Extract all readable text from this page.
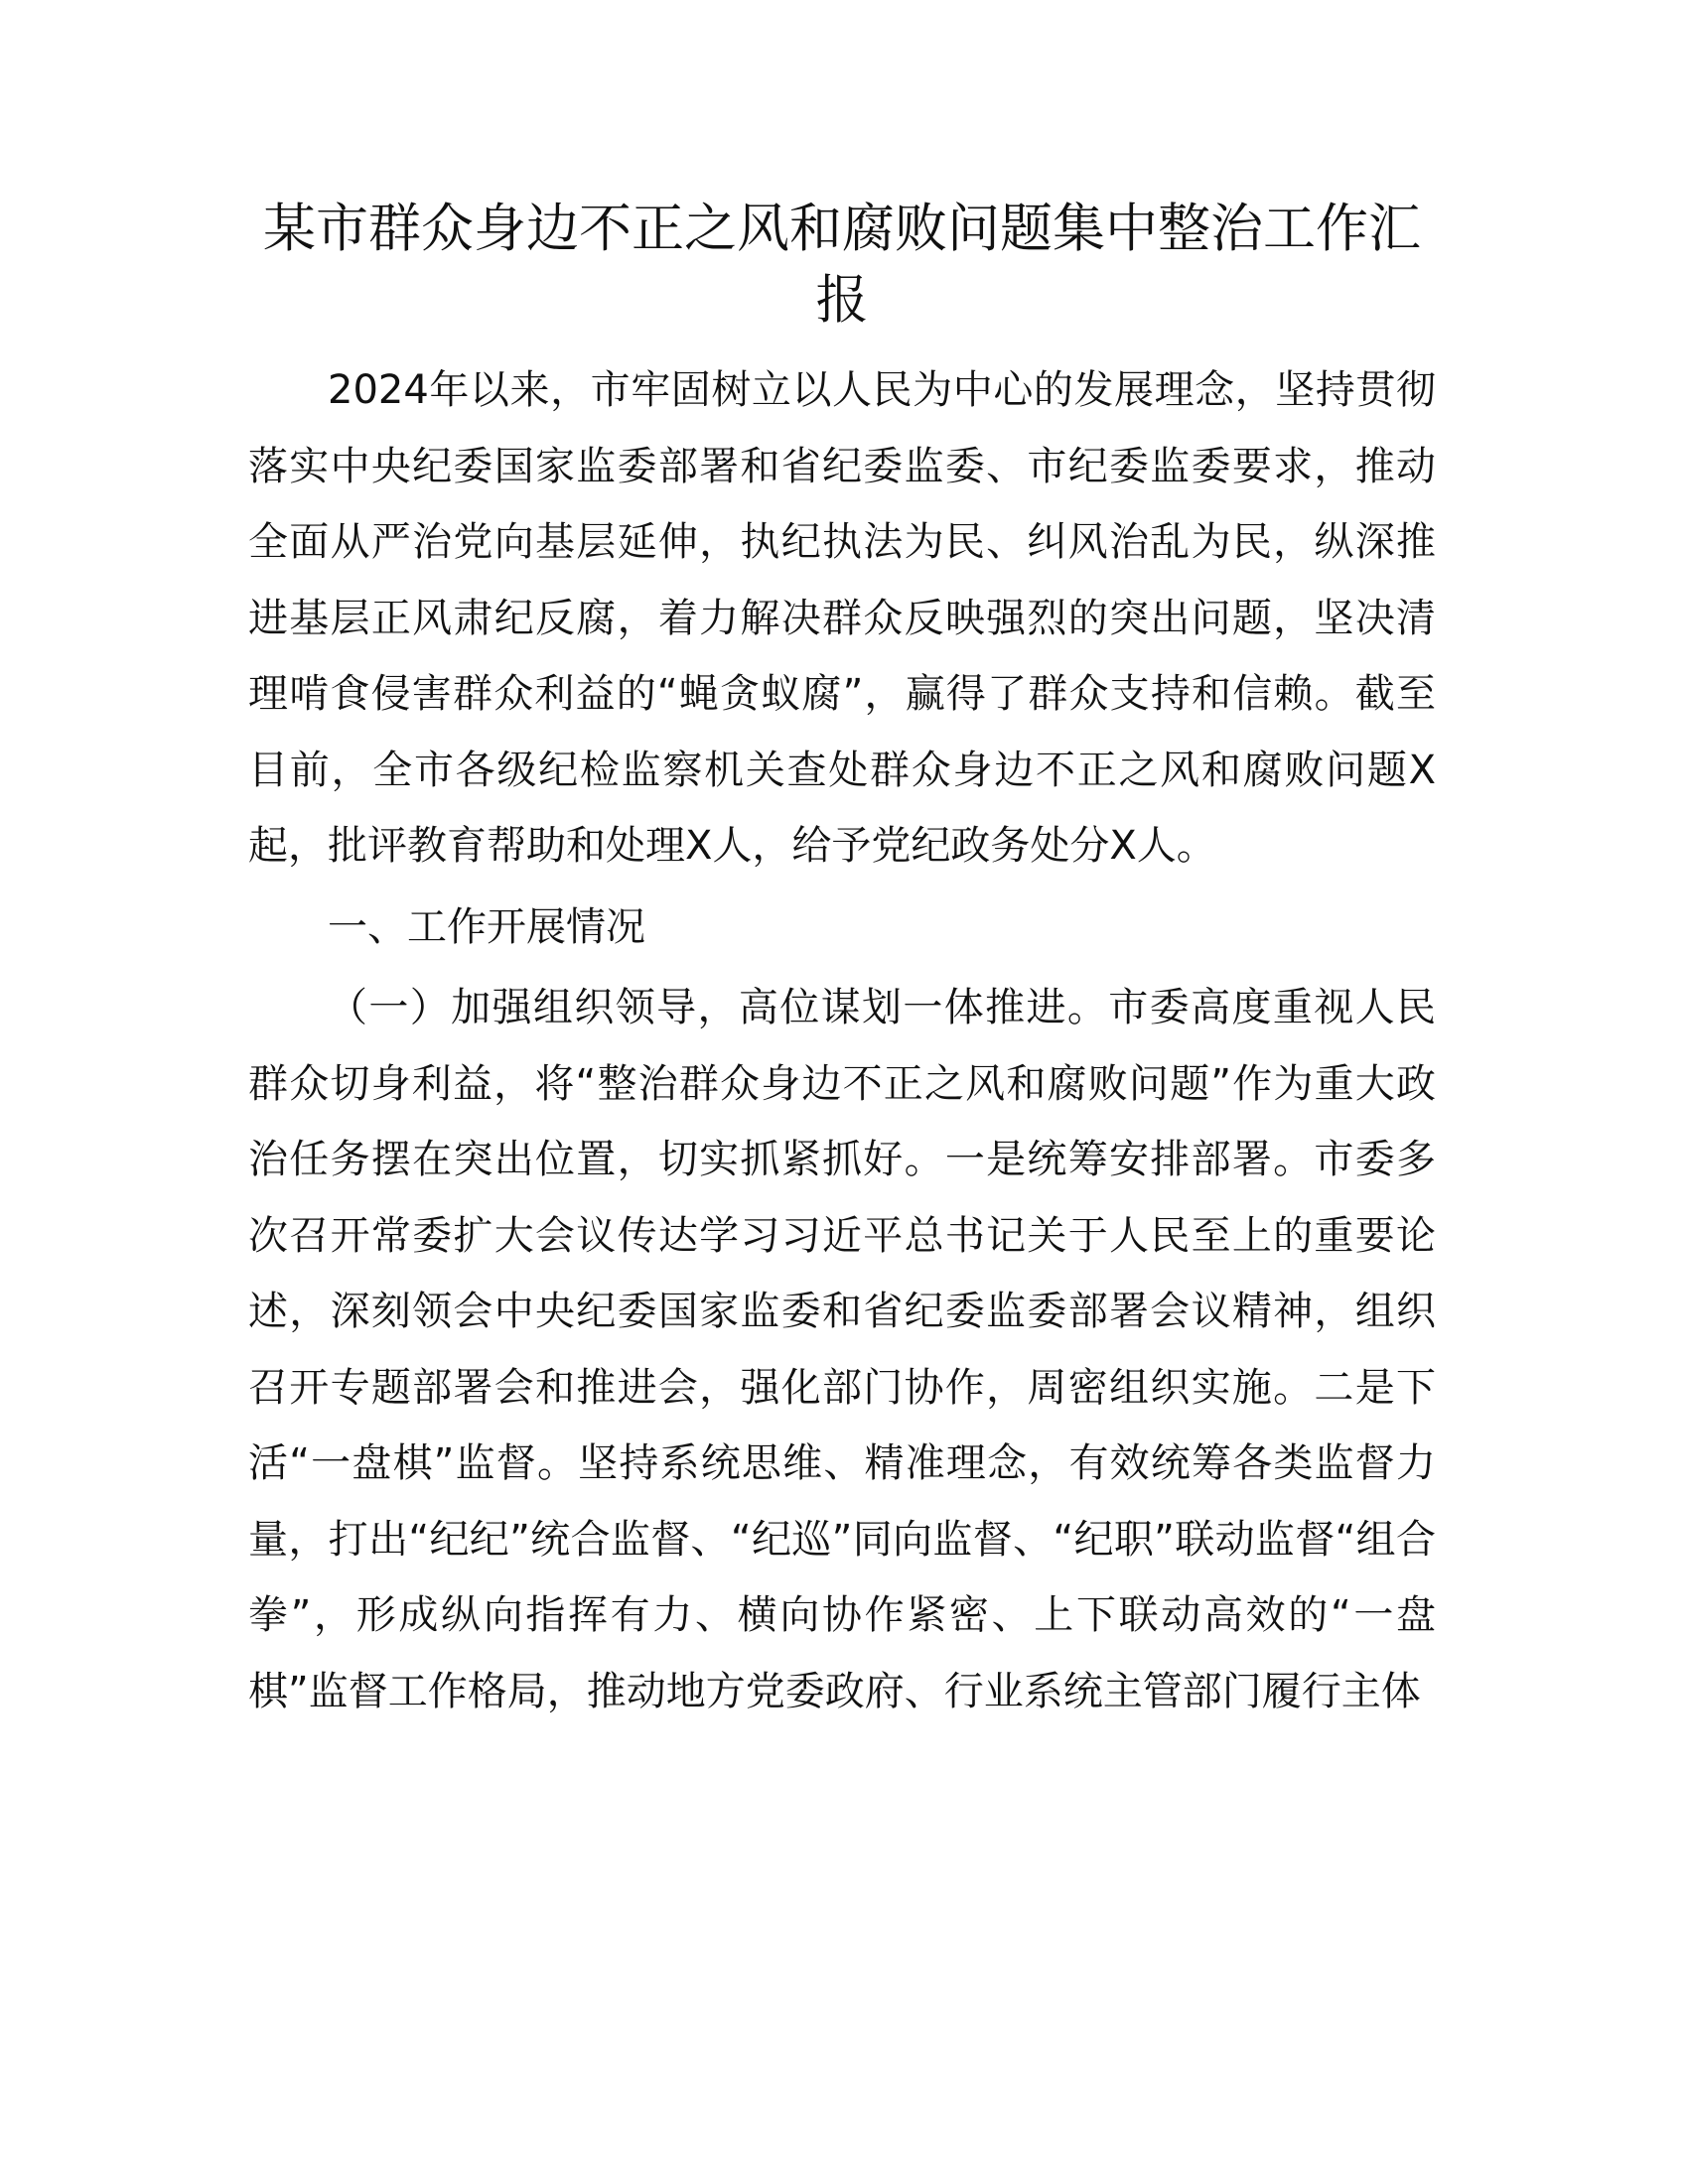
某市群众身边不正之风和腐败问题集中整治工作汇报

2024年以来，市牢固树立以人民为中心的发展理念，坚持贯彻落实中央纪委国家监委部署和省纪委监委、市纪委监委要求，推动全面从严治党向基层延伸，执纪执法为民、纠风治乱为民，纵深推进基层正风肃纪反腐，着力解决群众反映强烈的突出问题，坚决清理啃食侵害群众利益的“蝇贪蚁腐”，赢得了群众支持和信赖。截至目前，全市各级纪检监察机关查处群众身边不正之风和腐败问题X起，批评教育帮助和处理X人，给予党纪政务处分X人。

一、工作开展情况

（一）加强组织领导，高位谋划一体推进。市委高度重视人民群众切身利益，将“整治群众身边不正之风和腐败问题”作为重大政治任务摆在突出位置，切实抓紧抓好。一是统筹安排部署。市委多次召开常委扩大会议传达学习习近平总书记关于人民至上的重要论述，深刻领会中央纪委国家监委和省纪委监委部署会议精神，组织召开专题部署会和推进会，强化部门协作，周密组织实施。二是下活“一盘棋”监督。坚持系统思维、精准理念，有效统筹各类监督力量，打出“纪纪”统合监督、“纪巡”同向监督、“纪职”联动监督“组合拳”，形成纵向指挥有力、横向协作紧密、上下联动高效的“一盘棋”监督工作格局，推动地方党委政府、行业系统主管部门履行主体
